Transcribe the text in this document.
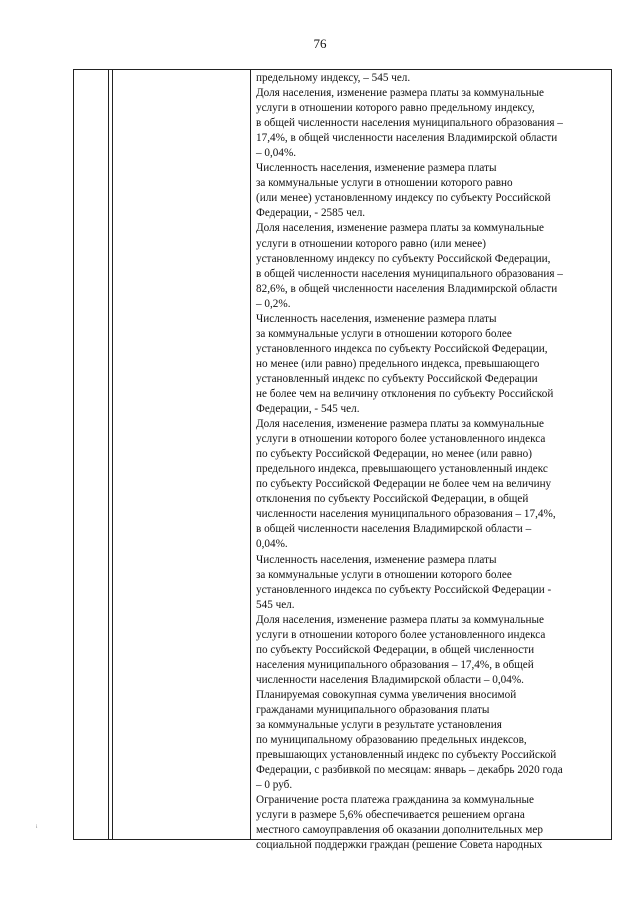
76
предельному индексу, – 545 чел.
Доля населения, изменение размера платы за коммунальные
услуги в отношении которого равно предельному индексу,
в общей численности населения муниципального образования –
17,4%, в общей численности населения Владимирской области
– 0,04%.
Численность населения, изменение размера платы
за коммунальные услуги в отношении которого равно
(или менее) установленному индексу по субъекту Российской
Федерации, - 2585 чел.
Доля населения, изменение размера платы за коммунальные
услуги в отношении которого равно (или менее)
установленному индексу по субъекту Российской Федерации,
в общей численности населения муниципального образования –
82,6%, в общей численности населения Владимирской области
– 0,2%.
Численность населения, изменение размера платы
за коммунальные услуги в отношении которого более
установленного индекса по субъекту Российской Федерации,
но менее (или равно) предельного индекса, превышающего
установленный индекс по субъекту Российской Федерации
не более чем на величину отклонения по субъекту Российской
Федерации, - 545 чел.
Доля населения, изменение размера платы за коммунальные
услуги в отношении которого более установленного индекса
по субъекту Российской Федерации, но менее (или равно)
предельного индекса, превышающего установленный индекс
по субъекту Российской Федерации не более чем на величину
отклонения по субъекту Российской Федерации, в общей
численности населения муниципального образования – 17,4%,
в общей численности населения Владимирской области –
0,04%.
Численность населения, изменение размера платы
за коммунальные услуги в отношении которого более
установленного индекса по субъекту Российской Федерации -
545 чел.
Доля населения, изменение размера платы за коммунальные
услуги в отношении которого более установленного индекса
по субъекту Российской Федерации, в общей численности
населения муниципального образования – 17,4%, в общей
численности населения Владимирской области – 0,04%.
Планируемая совокупная сумма увеличения вносимой
гражданами муниципального образования платы
за коммунальные услуги в результате установления
по муниципальному образованию предельных индексов,
превышающих установленный индекс по субъекту Российской
Федерации, с разбивкой по месяцам: январь – декабрь 2020 года
– 0 руб.
Ограничение роста платежа гражданина за коммунальные
услуги в размере 5,6% обеспечивается решением органа
местного самоуправления об оказании дополнительных мер
социальной поддержки граждан (решение Совета народных
ᵢ
